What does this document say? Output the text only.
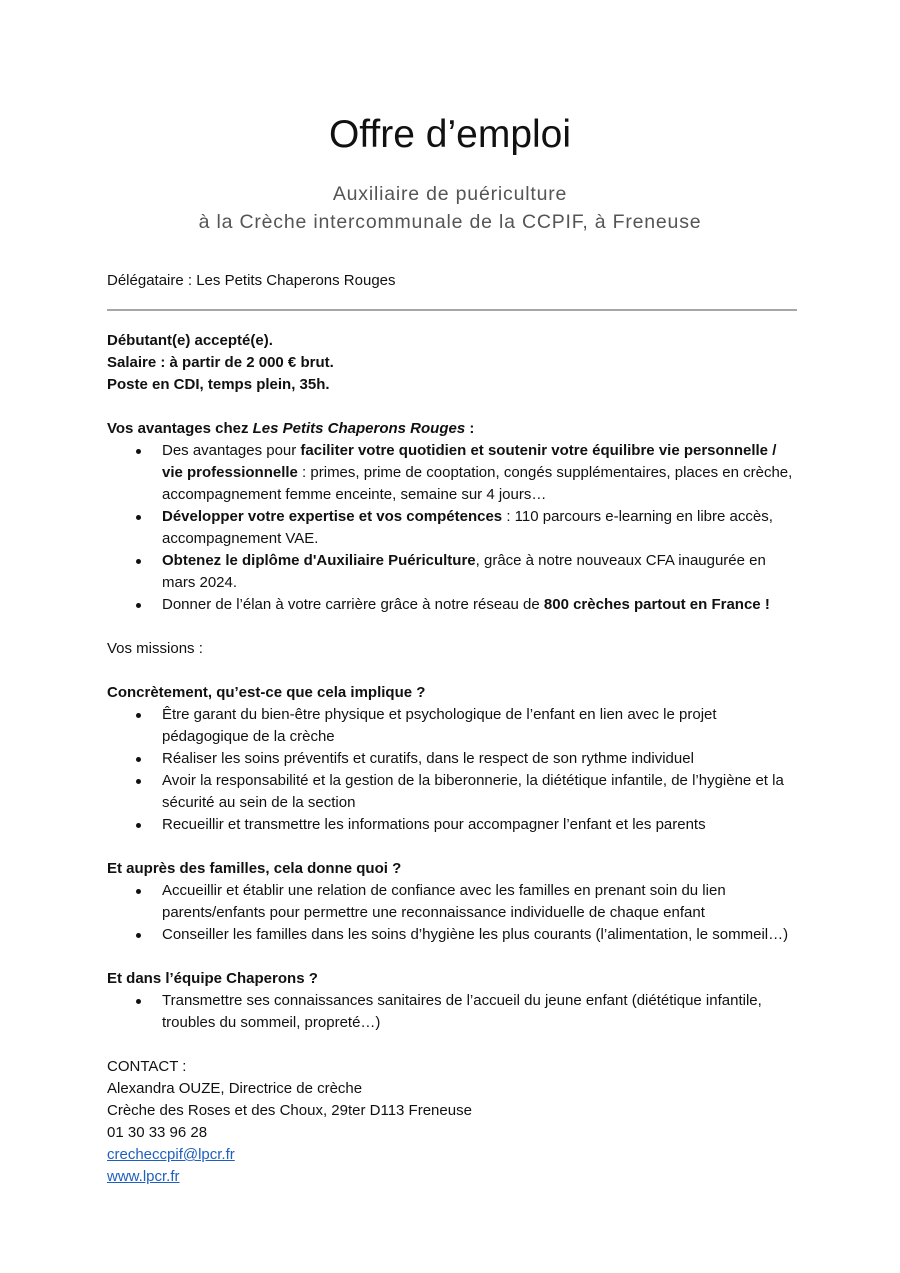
Offre d’emploi
Auxiliaire de puériculture
à la Crèche intercommunale de la CCPIF, à Freneuse

Délégataire : Les Petits Chaperons Rouges

Débutant(e) accepté(e).

Salaire : à partir de 2 000 € brut.

Poste en CDI, temps plein, 35h.

Vos avantages chez Les Petits Chaperons Rouges :

Des avantages pour faciliter votre quotidien et soutenir votre équilibre vie personnelle / vie professionnelle : primes, prime de cooptation, congés supplémentaires, places en crèche, accompagnement femme enceinte, semaine sur 4 jours…
Développer votre expertise et vos compétences : 110 parcours e-learning en libre accès, accompagnement VAE.
Obtenez le diplôme d'Auxiliaire Puériculture, grâce à notre nouveaux CFA inaugurée en mars 2024.
Donner de l’élan à votre carrière grâce à notre réseau de 800 crèches partout en France !

Vos missions :

Concrètement, qu’est-ce que cela implique ?

Être garant du bien-être physique et psychologique de l’enfant en lien avec le projet pédagogique de la crèche
Réaliser les soins préventifs et curatifs, dans le respect de son rythme individuel
Avoir la responsabilité et la gestion de la biberonnerie, la diététique infantile, de l’hygiène et la sécurité au sein de la section
Recueillir et transmettre les informations pour accompagner l’enfant et les parents

Et auprès des familles, cela donne quoi ?

Accueillir et établir une relation de confiance avec les familles en prenant soin du lien parents/enfants pour permettre une reconnaissance individuelle de chaque enfant
Conseiller les familles dans les soins d’hygiène les plus courants (l’alimentation, le sommeil…)

Et dans l’équipe Chaperons ?

Transmettre ses connaissances sanitaires de l’accueil du jeune enfant (diététique infantile, troubles du sommeil, propreté…)

CONTACT :

Alexandra OUZE, Directrice de crèche

Crèche des Roses et des Choux, 29ter D113 Freneuse

01 30 33 96 28

crecheccpif@lpcr.fr

www.lpcr.fr
